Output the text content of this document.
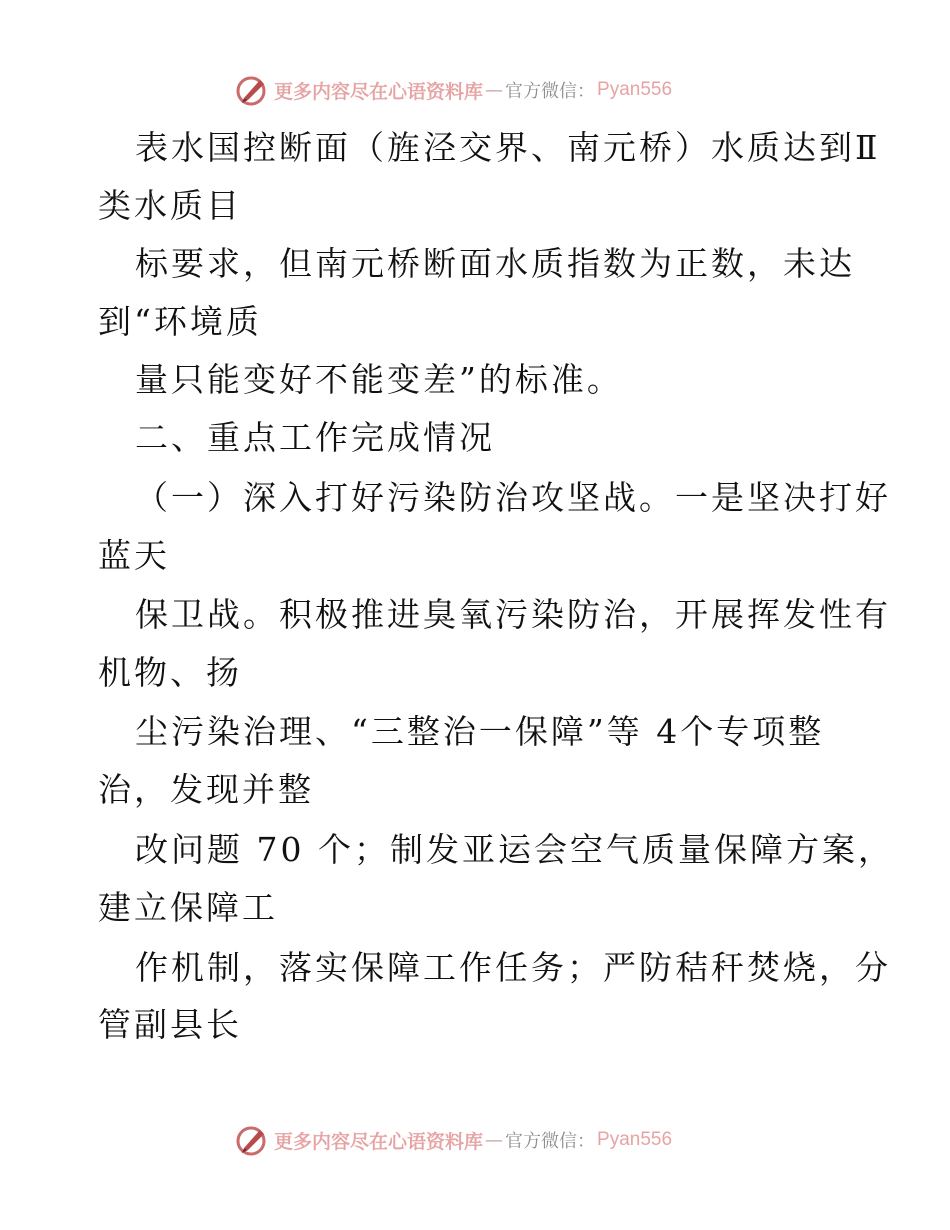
更多内容尽在心语资料库 — 官方微信： Pyan556
表水国控断面（旌泾交界、南元桥）水质达到Ⅱ
类水质目
标要求，但南元桥断面水质指数为正数，未达
到“环境质
量只能变好不能变差”的标准。
二、重点工作完成情况
（一）深入打好污染防治攻坚战。一是坚决打好
蓝天
保卫战。积极推进臭氧污染防治，开展挥发性有
机物、扬
尘污染治理、“三整治一保障”等 4个专项整
治，发现并整
改问题 70 个；制发亚运会空气质量保障方案，
建立保障工
作机制，落实保障工作任务；严防秸秆焚烧，分
管副县长
更多内容尽在心语资料库 — 官方微信： Pyan556
